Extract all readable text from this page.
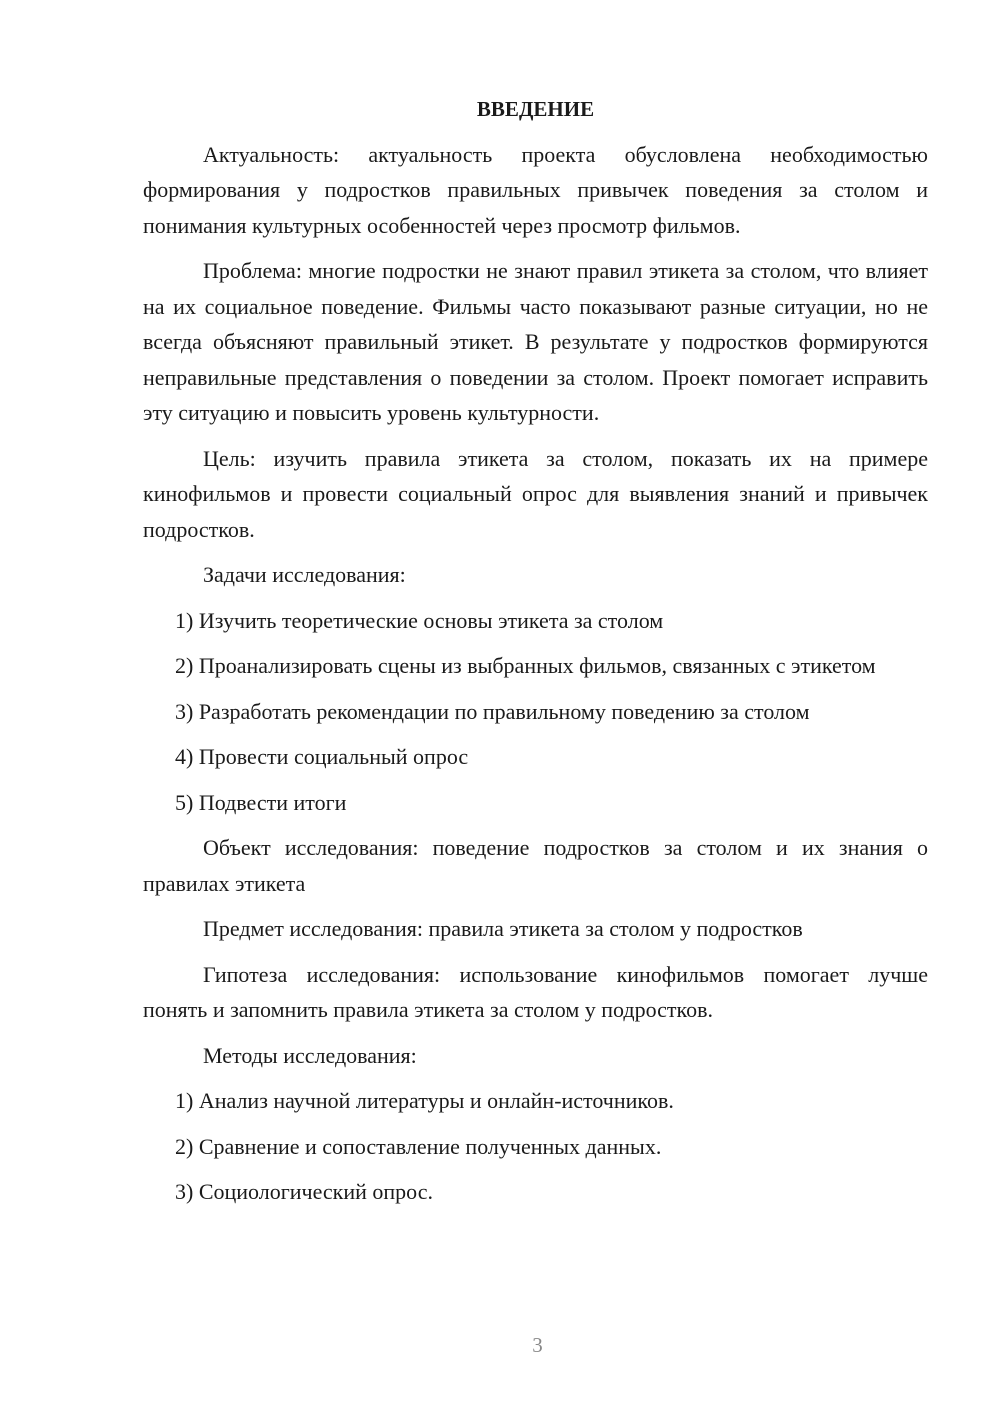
ВВЕДЕНИЕ

Актуальность: актуальность проекта обусловлена необходимостью формирования у подростков правильных привычек поведения за столом и понимания культурных особенностей через просмотр фильмов.

Проблема: многие подростки не знают правил этикета за столом, что влияет на их социальное поведение. Фильмы часто показывают разные ситуации, но не всегда объясняют правильный этикет. В результате у подростков формируются неправильные представления о поведении за столом. Проект помогает исправить эту ситуацию и повысить уровень культурности.

Цель: изучить правила этикета за столом, показать их на примере кинофильмов и провести социальный опрос для выявления знаний и привычек подростков.

Задачи исследования:

1) Изучить теоретические основы этикета за столом

2) Проанализировать сцены из выбранных фильмов, связанных с этикетом

3) Разработать рекомендации по правильному поведению за столом

4) Провести социальный опрос

5) Подвести итоги

Объект исследования: поведение подростков за столом и их знания о правилах этикета

Предмет исследования: правила этикета за столом у подростков

Гипотеза исследования: использование кинофильмов помогает лучше понять и запомнить правила этикета за столом у подростков.

Методы исследования:

1) Анализ научной литературы и онлайн-источников.

2) Сравнение и сопоставление полученных данных.

3) Социологический опрос.

3
